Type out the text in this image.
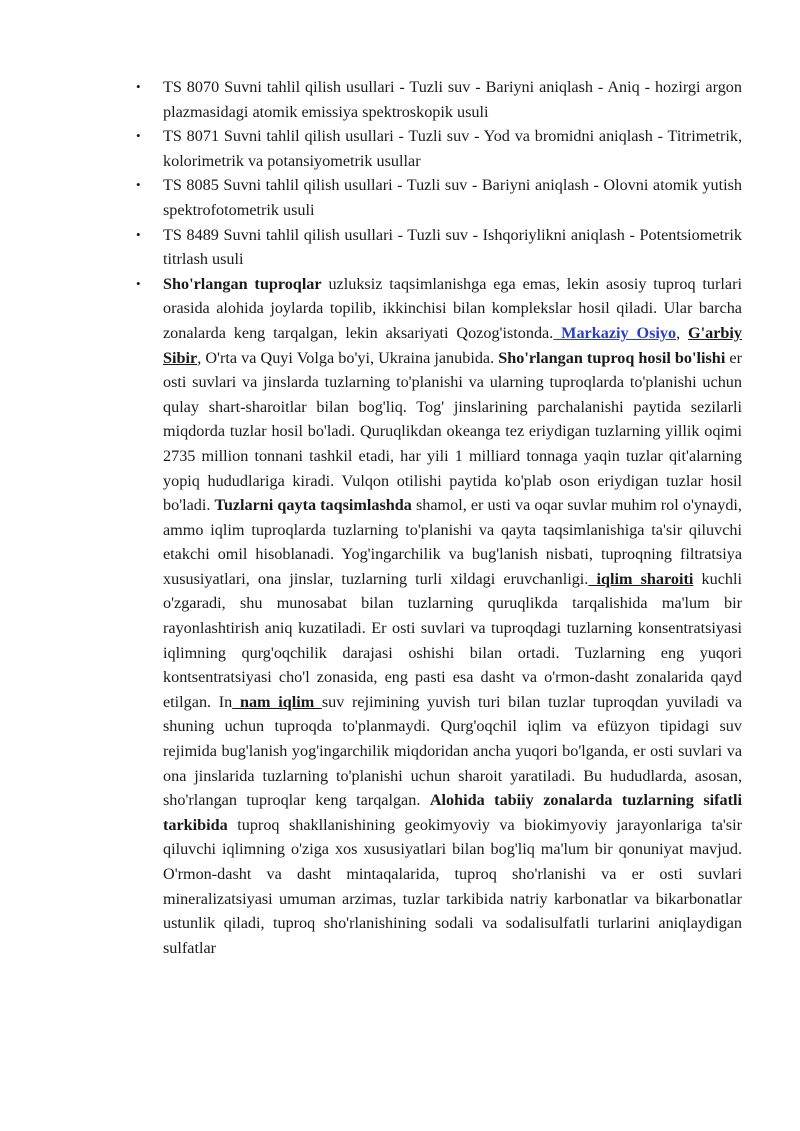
• TS 8070 Suvni tahlil qilish usullari - Tuzli suv - Bariyni aniqlash - Aniq - hozirgi argon plazmasidagi atomik emissiya spektroskopik usuli
• TS 8071 Suvni tahlil qilish usullari - Tuzli suv - Yod va bromidni aniqlash - Titrimetrik, kolorimetrik va potansiyometrik usullar
• TS 8085 Suvni tahlil qilish usullari - Tuzli suv - Bariyni aniqlash - Olovni atomik yutish spektrofotometrik usuli
• TS 8489 Suvni tahlil qilish usullari - Tuzli suv - Ishqoriylikni aniqlash - Potentsiometrik titrlash usuli
• Sho'rlangan tuproqlar uzluksiz taqsimlanishga ega emas, lekin asosiy tuproq turlari orasida alohida joylarda topilib, ikkinchisi bilan komplekslar hosil qiladi. Ular barcha zonalarda keng tarqalgan, lekin aksariyati Qozog'istonda. Markaziy Osiyo, G'arbiy Sibir, O'rta va Quyi Volga bo'yi, Ukraina janubida. Sho'rlangan tuproq hosil bo'lishi er osti suvlari va jinslarda tuzlarning to'planishi va ularning tuproqlarda to'planishi uchun qulay shart-sharoitlar bilan bog'liq. Tog' jinslarining parchalanishi paytida sezilarli miqdorda tuzlar hosil bo'ladi. Quruqlikdan okeanga tez eriydigan tuzlarning yillik oqimi 2735 million tonnani tashkil etadi, har yili 1 milliard tonnaga yaqin tuzlar qit'alarning yopiq hududlariga kiradi. Vulqon otilishi paytida ko'plab oson eriydigan tuzlar hosil bo'ladi. Tuzlarni qayta taqsimlashda shamol, er usti va oqar suvlar muhim rol o'ynaydi, ammo iqlim tuproqlarda tuzlarning to'planishi va qayta taqsimlanishiga ta'sir qiluvchi etakchi omil hisoblanadi. Yog'ingarchilik va bug'lanish nisbati, tuproqning filtratsiya xususiyatlari, ona jinslar, tuzlarning turli xildagi eruvchanligi. iqlim sharoiti kuchli o'zgaradi, shu munosabat bilan tuzlarning quruqlikda tarqalishida ma'lum bir rayonlashtirish aniq kuzatiladi. Er osti suvlari va tuproqdagi tuzlarning konsentratsiyasi iqlimning qurg'oqchilik darajasi oshishi bilan ortadi. Tuzlarning eng yuqori kontsentratsiyasi cho'l zonasida, eng pasti esa dasht va o'rmon-dasht zonalarida qayd etilgan. In nam iqlim suv rejimining yuvish turi bilan tuzlar tuproqdan yuviladi va shuning uchun tuproqda to'planmaydi. Qurg'oqchil iqlim va efüzyon tipidagi suv rejimida bug'lanish yog'ingarchilik miqdoridan ancha yuqori bo'lganda, er osti suvlari va ona jinslarida tuzlarning to'planishi uchun sharoit yaratiladi. Bu hududlarda, asosan, sho'rlangan tuproqlar keng tarqalgan. Alohida tabiiy zonalarda tuzlarning sifatli tarkibida tuproq shakllanishining geokimyoviy va biokimyoviy jarayonlariga ta'sir qiluvchi iqlimning o'ziga xos xususiyatlari bilan bog'liq ma'lum bir qonuniyat mavjud. O'rmon-dasht va dasht mintaqalarida, tuproq sho'rlanishi va er osti suvlari mineralizatsiyasi umuman arzimas, tuzlar tarkibida natriy karbonatlar va bikarbonatlar ustunlik qiladi, tuproq sho'rlanishining sodali va sodalisulfatli turlarini aniqlaydigan sulfatlar
